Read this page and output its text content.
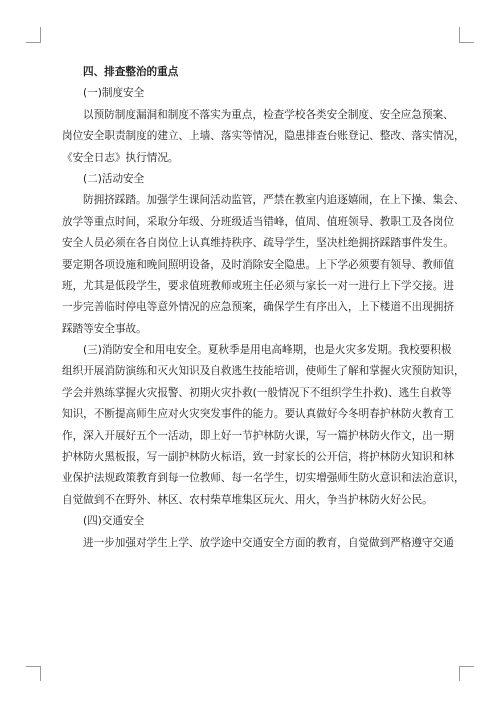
四、排查整治的重点

(一)制度安全

以预防制度漏洞和制度不落实为重点，检查学校各类安全制度、安全应急预案、

岗位安全职责制度的建立、上墙、落实等情况，隐患排查台账登记、整改、落实情况，

《安全日志》执行情况。

(二)活动安全

防拥挤踩踏。加强学生课间活动监管，严禁在教室内追逐嬉闹，在上下操、集会、

放学等重点时间，采取分年级、分班级适当错峰，值周、值班领导、教职工及各岗位

安全人员必须在各自岗位上认真维持秩序、疏导学生，坚决杜绝拥挤踩踏事件发生。

要定期各项设施和晚间照明设备，及时消除安全隐患。上下学必须要有领导、教师值

班，尤其是低段学生，要求值班教师或班主任必须与家长一对一进行上下学交接。进

一步完善临时停电等意外情况的应急预案，确保学生有序出入，上下楼道不出现拥挤

踩踏等安全事故。

(三)消防安全和用电安全。夏秋季是用电高峰期，也是火灾多发期。我校要积极

组织开展消防演练和灭火知识及自救逃生技能培训，使师生了解和掌握火灾预防知识，

学会并熟练掌握火灾报警、初期火灾扑救(一般情况下不组织学生扑救)、逃生自救等

知识，不断提高师生应对火灾突发事件的能力。要认真做好今冬明春护林防火教育工

作，深入开展好五个一活动，即上好一节护林防火课，写一篇护林防火作文，出一期

护林防火黑板报，写一副护林防火标语，致一封家长的公开信，将护林防火知识和林

业保护法规政策教育到每一位教师、每一名学生，切实增强师生防火意识和法治意识，

自觉做到不在野外、林区、农村柴草堆集区玩火、用火，争当护林防火好公民。

(四)交通安全

进一步加强对学生上学、放学途中交通安全方面的教育，自觉做到严格遵守交通
